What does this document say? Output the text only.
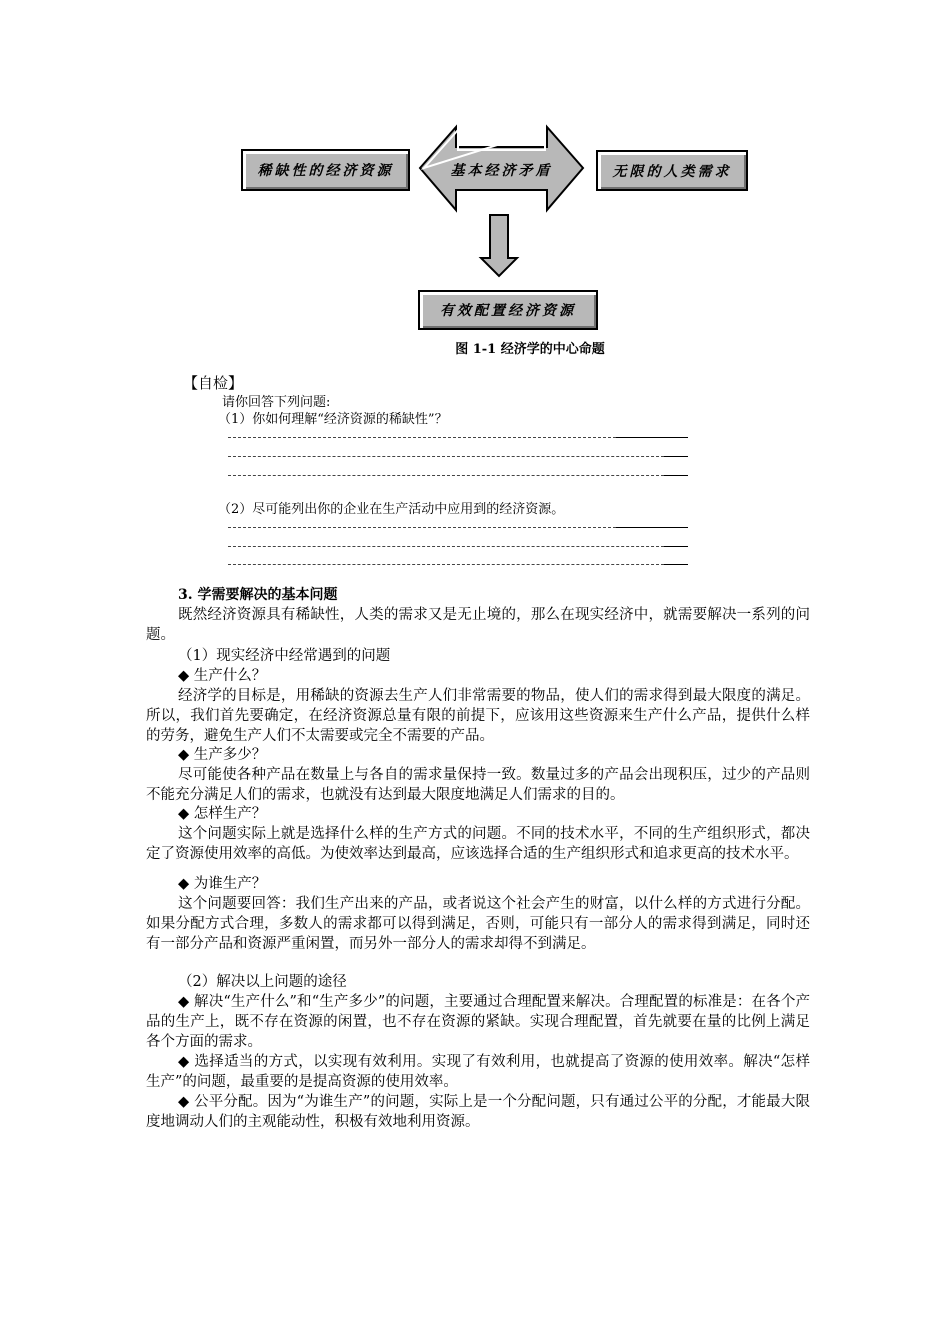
稀缺性的经济资源	基本经济矛盾	无限的人类需求
有效配置经济资源
图 1-1 经济学的中心命题
【自检】
请你回答下列问题:
（1）你如何理解“经济资源的稀缺性”？
（2）尽可能列出你的企业在生产活动中应用到的经济资源。
3. 学需要解决的基本问题
既然经济资源具有稀缺性，人类的需求又是无止境的，那么在现实经济中，就需要解决一系列的问题。
（1）现实经济中经常遇到的问题
◆ 生产什么？
经济学的目标是，用稀缺的资源去生产人们非常需要的物品，使人们的需求得到最大限度的满足。所以，我们首先要确定，在经济资源总量有限的前提下，应该用这些资源来生产什么产品，提供什么样的劳务，避免生产人们不太需要或完全不需要的产品。
◆ 生产多少？
尽可能使各种产品在数量上与各自的需求量保持一致。数量过多的产品会出现积压，过少的产品则不能充分满足人们的需求，也就没有达到最大限度地满足人们需求的目的。
◆ 怎样生产？
这个问题实际上就是选择什么样的生产方式的问题。不同的技术水平，不同的生产组织形式，都决定了资源使用效率的高低。为使效率达到最高，应该选择合适的生产组织形式和追求更高的技术水平。
◆ 为谁生产？
这个问题要回答：我们生产出来的产品，或者说这个社会产生的财富，以什么样的方式进行分配。如果分配方式合理，多数人的需求都可以得到满足，否则，可能只有一部分人的需求得到满足，同时还有一部分产品和资源严重闲置，而另外一部分人的需求却得不到满足。
（2）解决以上问题的途径
◆ 解决“生产什么”和“生产多少”的问题，主要通过合理配置来解决。合理配置的标准是：在各个产品的生产上，既不存在资源的闲置，也不存在资源的紧缺。实现合理配置，首先就要在量的比例上满足各个方面的需求。
◆ 选择适当的方式，以实现有效利用。实现了有效利用，也就提高了资源的使用效率。解决“怎样生产”的问题，最重要的是提高资源的使用效率。
◆ 公平分配。因为“为谁生产”的问题，实际上是一个分配问题，只有通过公平的分配，才能最大限度地调动人们的主观能动性，积极有效地利用资源。
